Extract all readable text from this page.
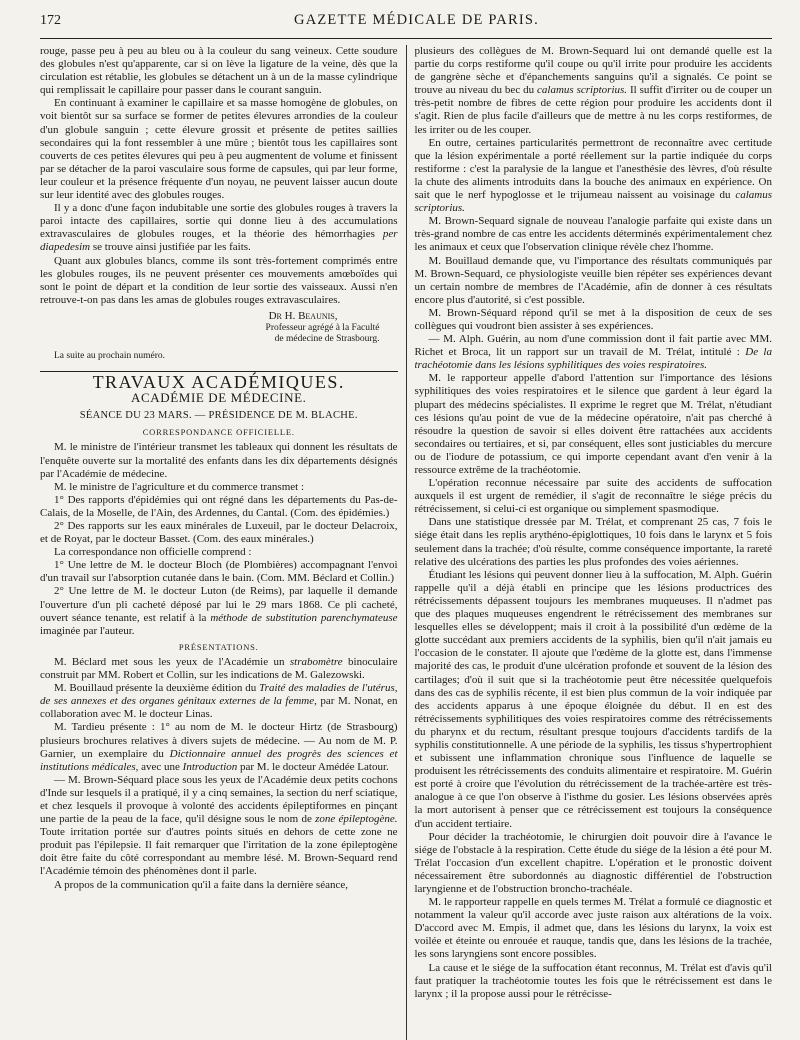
172	GAZETTE MÉDICALE DE PARIS.

rouge, passe peu à peu au bleu ou à la couleur du sang veineux. Cette soudure des globules n'est qu'apparente, car si on lève la ligature de la veine, dès que la circulation est rétablie, les globules se détachent un à un de la masse cylindrique qui remplissait le capillaire pour passer dans le courant sanguin.

En continuant à examiner le capillaire et sa masse homogène de globules, on voit bientôt sur sa surface se former de petites élevures arrondies de la couleur d'un globule sanguin ; cette élevure grossit et présente de petites saillies secondaires qui la font ressembler à une mûre ; bientôt tous les capillaires sont couverts de ces petites élevures qui peu à peu augmentent de volume et finissent par se détacher de la paroi vasculaire sous forme de capsules, qui par leur forme, leur couleur et la présence fréquente d'un noyau, ne peuvent laisser aucun doute sur leur identité avec des globules rouges.

Il y a donc d'une façon indubitable une sortie des globules rouges à travers la paroi intacte des capillaires, sortie qui donne lieu à des accumulations extravasculaires de globules rouges, et la théorie des hémorrhagies per diapedesim se trouve ainsi justifiée par les faits.

Quant aux globules blancs, comme ils sont très-fortement comprimés entre les globules rouges, ils ne peuvent présenter ces mouvements amœboïdes qui sont le point de départ et la condition de leur sortie des vaisseaux. Aussi n'en retrouve-t-on pas dans les amas de globules rouges extravasculaires.

Dr H. Beaunis,
Professeur agrégé à la Faculté
de médecine de Strasbourg.
La suite au prochain numéro.
TRAVAUX ACADÉMIQUES.
ACADÉMIE DE MÉDECINE.
SÉANCE DU 23 MARS. — PRÉSIDENCE DE M. BLACHE.
CORRESPONDANCE OFFICIELLE.

M. le ministre de l'intérieur transmet les tableaux qui donnent les résultats de l'enquête ouverte sur la mortalité des enfants dans les dix départements désignés par l'Académie de médecine.

M. le ministre de l'agriculture et du commerce transmet :

1° Des rapports d'épidémies qui ont régné dans les départements du Pas-de-Calais, de la Moselle, de l'Ain, des Ardennes, du Cantal. (Com. des épidémies.)

2° Des rapports sur les eaux minérales de Luxeuil, par le docteur Delacroix, et de Royat, par le docteur Basset. (Com. des eaux minérales.)

La correspondance non officielle comprend :

1° Une lettre de M. le docteur Bloch (de Plombières) accompagnant l'envoi d'un travail sur l'absorption cutanée dans le bain. (Com. MM. Béclard et Collin.)

2° Une lettre de M. le docteur Luton (de Reims), par laquelle il demande l'ouverture d'un pli cacheté déposé par lui le 29 mars 1868. Ce pli cacheté, ouvert séance tenante, est relatif à la méthode de substitution parenchymateuse imaginée par l'auteur.

PRÉSENTATIONS.

M. Béclard met sous les yeux de l'Académie un strabomètre binoculaire construit par MM. Robert et Collin, sur les indications de M. Galezowski.

M. Bouillaud présente la deuxième édition du Traité des maladies de l'utérus, de ses annexes et des organes génitaux externes de la femme, par M. Nonat, en collaboration avec M. le docteur Linas.

M. Tardieu présente : 1° au nom de M. le docteur Hirtz (de Strasbourg) plusieurs brochures relatives à divers sujets de médecine. — Au nom de M. P. Garnier, un exemplaire du Dictionnaire annuel des progrès des sciences et institutions médicales, avec une Introduction par M. le docteur Amédée Latour.

— M. Brown-Séquard place sous les yeux de l'Académie deux petits cochons d'Inde sur lesquels il a pratiqué, il y a cinq semaines, la section du nerf sciatique, et chez lesquels il provoque à volonté des accidents épileptiformes en pinçant une partie de la peau de la face, qu'il désigne sous le nom de zone épileptogène. Toute irritation portée sur d'autres points situés en dehors de cette zone ne produit pas l'épilepsie. Il fait remarquer que l'irritation de la zone épileptogène doit être faite du côté correspondant au membre lésé. M. Brown-Sequard rend l'Académie témoin des phénomènes dont il parle.

A propos de la communication qu'il a faite dans la dernière séance,

plusieurs des collègues de M. Brown-Sequard lui ont demandé quelle est la partie du corps restiforme qu'il coupe ou qu'il irrite pour produire les accidents de gangrène sèche et d'épanchements sanguins qu'il a signalés. Ce point se trouve au niveau du bec du calamus scriptorius. Il suffit d'irriter ou de couper un très-petit nombre de fibres de cette région pour produire les accidents dont il s'agit. Rien de plus facile d'ailleurs que de mettre à nu les corps restiformes, de les irriter ou de les couper.

En outre, certaines particularités permettront de reconnaître avec certitude que la lésion expérimentale a porté réellement sur la partie indiquée du corps restiforme : c'est la paralysie de la langue et l'anesthésie des lèvres, d'où résulte la chute des aliments introduits dans la bouche des animaux en expérience. On sait que le nerf hypoglosse et le trijumeau naissent au voisinage du calamus scriptorius.

M. Brown-Sequard signale de nouveau l'analogie parfaite qui existe dans un très-grand nombre de cas entre les accidents déterminés expérimentalement chez les animaux et ceux que l'observation clinique révèle chez l'homme.

M. Bouillaud demande que, vu l'importance des résultats communiqués par M. Brown-Sequard, ce physiologiste veuille bien répéter ses expériences devant un certain nombre de membres de l'Académie, afin de donner à ces résultats encore plus d'autorité, si c'est possible.

M. Brown-Séquard répond qu'il se met à la disposition de ceux de ses collègues qui voudront bien assister à ses expériences.

— M. Alph. Guérin, au nom d'une commission dont il fait partie avec MM. Richet et Broca, lit un rapport sur un travail de M. Trélat, intitulé : De la trachéotomie dans les lésions syphilitiques des voies respiratoires.

M. le rapporteur appelle d'abord l'attention sur l'importance des lésions syphilitiques des voies respiratoires et le silence que gardent à leur égard la plupart des médecins spécialistes. Il exprime le regret que M. Trélat, n'étudiant ces lésions qu'au point de vue de la médecine opératoire, n'ait pas cherché à résoudre la question de savoir si elles doivent être rattachées aux accidents secondaires ou tertiaires, et si, par conséquent, elles sont justiciables du mercure ou de l'iodure de potassium, ce qui importe cependant avant d'en venir à la ressource extrême de la trachéotomie.

L'opération reconnue nécessaire par suite des accidents de suffocation auxquels il est urgent de remédier, il s'agit de reconnaître le siége précis du rétrécissement, si celui-ci est organique ou simplement spasmodique.

Dans une statistique dressée par M. Trélat, et comprenant 25 cas, 7 fois le siége était dans les replis arythéno-épiglottiques, 10 fois dans le larynx et 5 fois seulement dans la trachée; d'où résulte, comme conséquence importante, la rareté relative des ulcérations des parties les plus profondes des voies aériennes.

Étudiant les lésions qui peuvent donner lieu à la suffocation, M. Alph. Guérin rappelle qu'il a déjà établi en principe que les lésions productrices des rétrécissements dépassent toujours les membranes muqueuses. Il n'admet pas que des plaques muqueuses engendrent le rétrécissement des membranes sur lesquelles elles se développent; mais il croit à la possibilité d'un œdème de la glotte succédant aux premiers accidents de la syphilis, bien qu'il n'ait jamais eu l'occasion de le constater. Il ajoute que l'œdème de la glotte est, dans l'immense majorité des cas, le produit d'une ulcération profonde et souvent de la lésion des cartilages; d'où il suit que si la trachéotomie peut être nécessitée quelquefois dans des cas de syphilis récente, il est bien plus commun de la voir indiquée par des accidents apparus à une époque éloignée du début. Il en est des rétrécissements syphilitiques des voies respiratoires comme des rétrécissements du pharynx et du rectum, résultant presque toujours d'accidents tardifs de la syphilis constitutionnelle. A une période de la syphilis, les tissus s'hypertrophient et subissent une inflammation chronique sous l'influence de laquelle se produisent les rétrécissements des conduits alimentaire et respiratoire. M. Guérin est porté à croire que l'évolution du rétrécissement de la trachée-artère est très-analogue à ce que l'on observe à l'isthme du gosier. Les lésions observées après la mort autorisent à penser que ce rétrécissement est toujours la conséquence d'un accident tertiaire.

Pour décider la trachéotomie, le chirurgien doit pouvoir dire à l'avance le siége de l'obstacle à la respiration. Cette étude du siége de la lésion a été pour M. Trélat l'occasion d'un excellent chapitre. L'opération et le pronostic doivent nécessairement être subordonnés au diagnostic différentiel de l'obstruction laryngienne et de l'obstruction broncho-trachéale.

M. le rapporteur rappelle en quels termes M. Trélat a formulé ce diagnostic et notamment la valeur qu'il accorde avec juste raison aux altérations de la voix. D'accord avec M. Empis, il admet que, dans les lésions du larynx, la voix est voilée et éteinte ou enrouée et rauque, tandis que, dans les lésions de la trachée, les sons laryngiens sont encore possibles.

La cause et le siége de la suffocation étant reconnus, M. Trélat est d'avis qu'il faut pratiquer la trachéotomie toutes les fois que le rétrécissement est dans le larynx ; il la propose aussi pour le rétrécisse-
